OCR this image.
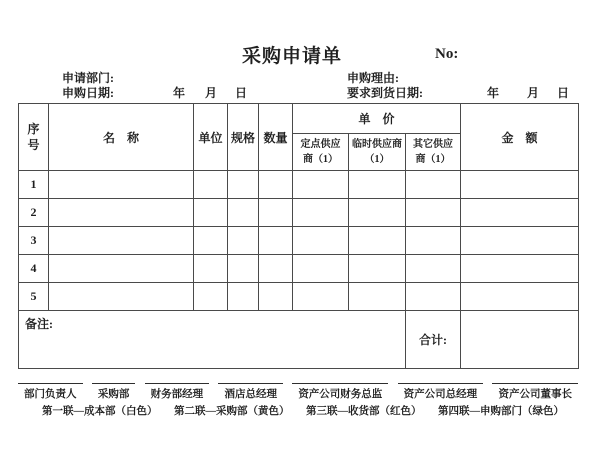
采购申请单	No:
申请部门:	申购理由:
申购日期:	年 月 日	要求到货日期:	年 月 日
序号	名　称	单位	规格	数量	单　价			金　额
					定点供应商（1）	临时供应商（1）	其它供应商（1）	
1								
2								
3								
4								
5								
备注:							合计:	
部门负责人	采购部	财务部经理	酒店总经理	资产公司财务总监	资产公司总经理	资产公司董事长
第一联—成本部（白色） 第二联—采购部（黄色） 第三联—收货部（红色） 第四联—申购部门（绿色）
